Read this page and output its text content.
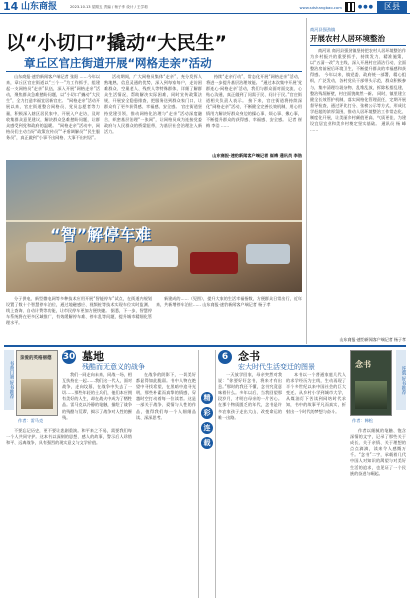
14 山东商报	2023.10.13 星期五 责编 / 杨子孝 设计 / 王学莉	www.sdshangbao.com	●●●	区县
以“小切口”撬动“大民生”
章丘区官庄街道开展“网格走亲”活动

山东商报·速豹新闻客户端记者 张阳 ……今年以来，章丘区官庄街道以“三个一”为工作抓手，组建起一支网格员“走亲”队伍，深入开展“网格走亲”活动，聚焦群众急难愁盼问题，以“小切口”撬动“大民生”，全力打造幸福宜居新官庄。 “网格走亲”活动开展以来，官庄街道整合网格员、党员志愿者等力量，积极深入辖区居民家中，开展入户走访，及时收集群众意见建议，解决群众急难愁盼问题，让群众感受到党和政府的温暖。 “网格走亲”活动中，网格员们主动当好“政策宣传员”“矛盾调解员”“民生服务员”，真正做到“小事不出网格、大事不出村居”。

活动期间，广大网格员集体“走亲”，充分发挥人熟地熟、信息灵通的优势，深入到每家每户，走访困难群众、空巢老人、残疾人等特殊群体，详细了解群众生活情况，帮助解决实际困难，同时宣传政策法规，开展安全隐患排查，把服务送到群众家门口，让群众有了更多获得感、幸福感、安全感。 官庄街道坚持党建引领，推动网格化治理与“走亲”活动深度融合，织密基层治理“一张网”，让网格员成为连接党委政府与人民群众的桥梁纽带，为基层社会治理注入新活力。

持续“走亲行动”，常态化开展“网格走亲”活动，将进一步提升基层治理效能。 “通过本次集中开展‘党群连心·网格走亲’活动，我们与群众面对面交流、心贴心沟通，真正做到了问需于民、问计于民。”官庄街道相关负责人表示。 接下来，官庄街道将持续深化“网格走亲”活动，不断健全完善长效机制，用心用情用力解决好群众身边的操心事、烦心事、揪心事，不断提升群众的获得感、幸福感、安全感。 记者 崔梅 李浩 ……

山东商报·速豹新闻客户端记者 崔梅 通讯员 李浩
“智”解停车难

分子供电、新型微电网等多种技术应用开展“智能停车”试点，在街道内规划设置了数十个智慧停车泊位，通过地磁感应、视频桩等技术实现车位实时监测、线上查询、自动计费等功能，让市民停车更加方便快捷。 据悉，下一步，智慧停车系统将在更多区域推广，有效缓解停车难、停车乱等问题，提升城市精细化管理水平。

新建成的……（见图），提升大家的生活幸福指数，方便群众日常出行，近年来，共新增停车泊位…… 山东商报·速豹新闻客户端记者 杨子孝

商河县强劲镇
开展农村人居环境整治

商河讯 商河县强劲镇坚持把农村人居环境整治作为乡村振兴的重要抓手，持续发力、精准施策，以“五清一改”为主线，深入开展村庄清洁行动，全面整治房前屋后环境卫生，不断提升群众的幸福感和获得感。 今年以来，镇党委、政府统一部署，精心组织，广泛发动，各村党员干部带头示范，群众积极参与，集中清理垃圾杂物、乱堆乱放，拆除私搭乱建，整治残垣断壁，村庄面貌焕然一新。 同时，镇里建立健全长效管护机制，落实网格化管理责任，定期开展督导检查，通过评比打分、张榜公示等方式，形成比学赶超的浓厚氛围，推动人居环境整治工作常态化、制度化开展，让美丽乡村颜值更高、气质更佳，为建设宜居宜业和美乡村奠定坚实基础。 通讯员 杨 峰 ……

山东商报·速豹新闻客户端记者 杨子孝
书香门第 好书推荐
亲爱的英格丽德
作者：雷马克
30 墓地
残酷而无意义的战争

我们一同走向未来，同战一场，相互扶持在一起……我们这一代人，面对战争，走向坟墓，在战争中失去了一切……那些年轻的士兵们，他们本应拥有美好的人生，却在战火中成为了牺牲品。雷马克以冷静的笔触，描绘了战争的残酷与荒谬，揭示了战争对人性的摧残。

在战争的阴影下，一切美好都显得如此脆弱。书中人物在绝望中寻找希望，在黑暗中追寻光明，那些朴素而真挚的情感，穿越时空打动着每一位读者。这是一部关于战争、爱情与人性的作品，值得我们每一个人细细品读、深深思考。

不要忘记历史，更不要让悲剧重演。和平来之不易，需要我们每一个人共同守护。这本书以深刻的思想、感人的故事，警示后人珍惜和平、远离战争，具有强烈的现实意义与文学价值。

精
彩
连
载
6 念书
宏大时代生活变迁的图景	连载 好书推荐
念书
作者：韩松

一天放学回家，母亲突然对我说：“你要好好念书，将来才有出息。”那时的我还不懂，念书究竟意味着什么。多年以后，当我回望那段岁月，才明白母亲的一片苦心。在那个物质匮乏的年代，念书是许多农家孩子走出大山、改变命运的唯一出路。

本书以一个普通家庭几代人的求学经历为主线，生动再现了半个多世纪以来中国社会的巨大变迁。从乡村小学到城市大学，从煤油灯下苦读到网络时代求知，书中的故事平凡而真实，折射出一个时代的梦想与奋斗。

作者以细腻的笔触、饱含深情的文字，记录了那些关于成长、关于亲情、关于理想的点点滴滴，读来令人感慨万千。“念书”二字，承载着几代中国人对知识的渴望与对美好生活的追求，也见证了一个民族的奋进与崛起。
